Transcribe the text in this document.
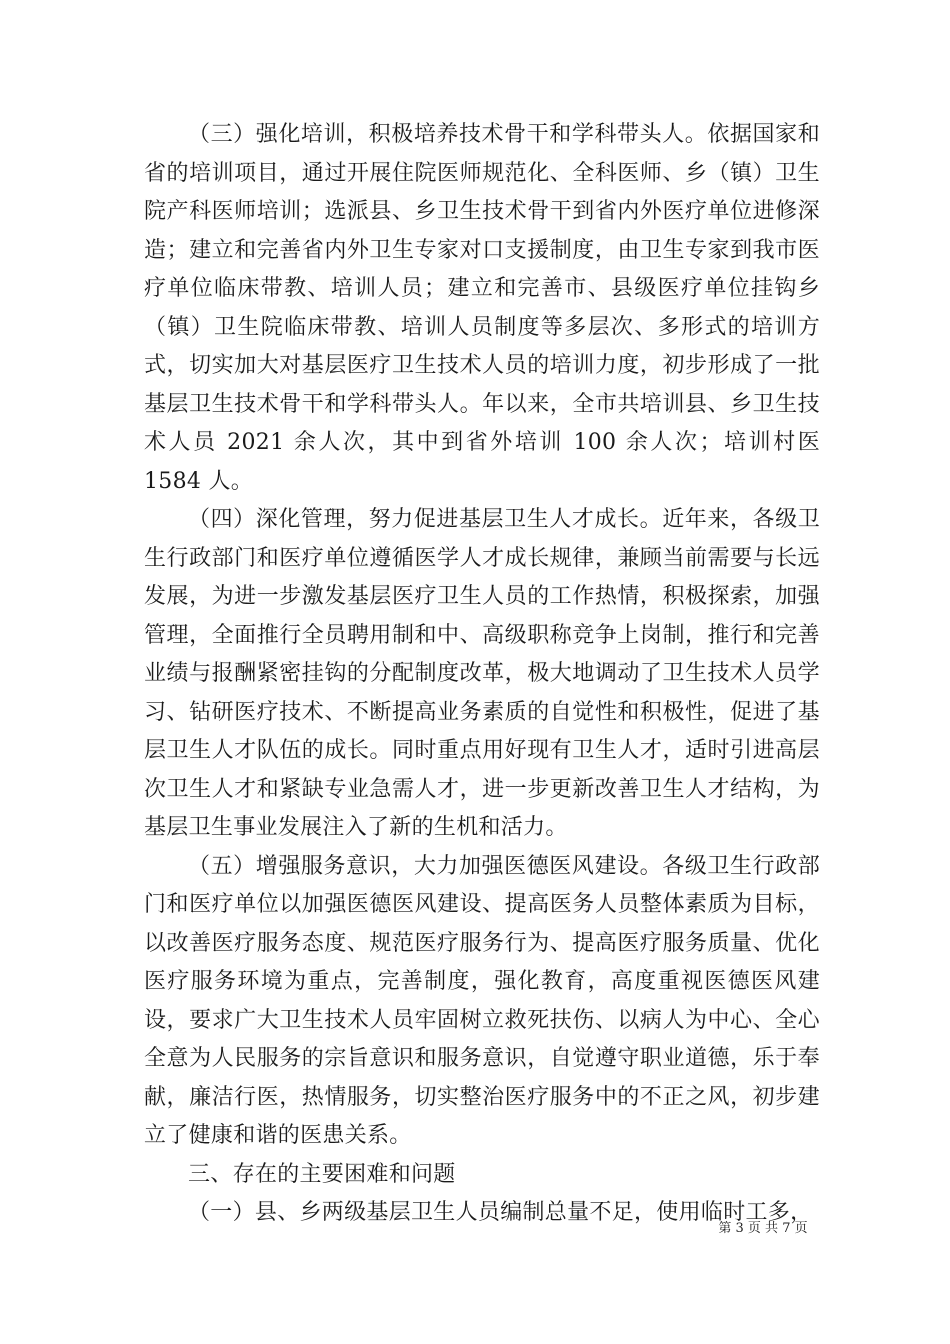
（三）强化培训，积极培养技术骨干和学科带头人。依据国家和省的培训项目，通过开展住院医师规范化、全科医师、乡（镇）卫生院产科医师培训；选派县、乡卫生技术骨干到省内外医疗单位进修深造；建立和完善省内外卫生专家对口支援制度，由卫生专家到我市医疗单位临床带教、培训人员；建立和完善市、县级医疗单位挂钩乡（镇）卫生院临床带教、培训人员制度等多层次、多形式的培训方式，切实加大对基层医疗卫生技术人员的培训力度，初步形成了一批基层卫生技术骨干和学科带头人。年以来，全市共培训县、乡卫生技术人员 2021 余人次，其中到省外培训 100 余人次；培训村医 1584 人。

（四）深化管理，努力促进基层卫生人才成长。近年来，各级卫生行政部门和医疗单位遵循医学人才成长规律，兼顾当前需要与长远发展，为进一步激发基层医疗卫生人员的工作热情，积极探索，加强管理，全面推行全员聘用制和中、高级职称竞争上岗制，推行和完善业绩与报酬紧密挂钩的分配制度改革，极大地调动了卫生技术人员学习、钻研医疗技术、不断提高业务素质的自觉性和积极性，促进了基层卫生人才队伍的成长。同时重点用好现有卫生人才，适时引进高层次卫生人才和紧缺专业急需人才，进一步更新改善卫生人才结构，为基层卫生事业发展注入了新的生机和活力。

（五）增强服务意识，大力加强医德医风建设。各级卫生行政部门和医疗单位以加强医德医风建设、提高医务人员整体素质为目标，以改善医疗服务态度、规范医疗服务行为、提高医疗服务质量、优化医疗服务环境为重点，完善制度，强化教育，高度重视医德医风建设，要求广大卫生技术人员牢固树立救死扶伤、以病人为中心、全心全意为人民服务的宗旨意识和服务意识，自觉遵守职业道德，乐于奉献，廉洁行医，热情服务，切实整治医疗服务中的不正之风，初步建立了健康和谐的医患关系。

三、存在的主要困难和问题

（一）县、乡两级基层卫生人员编制总量不足，使用临时工多，

第 3 页 共 7 页
